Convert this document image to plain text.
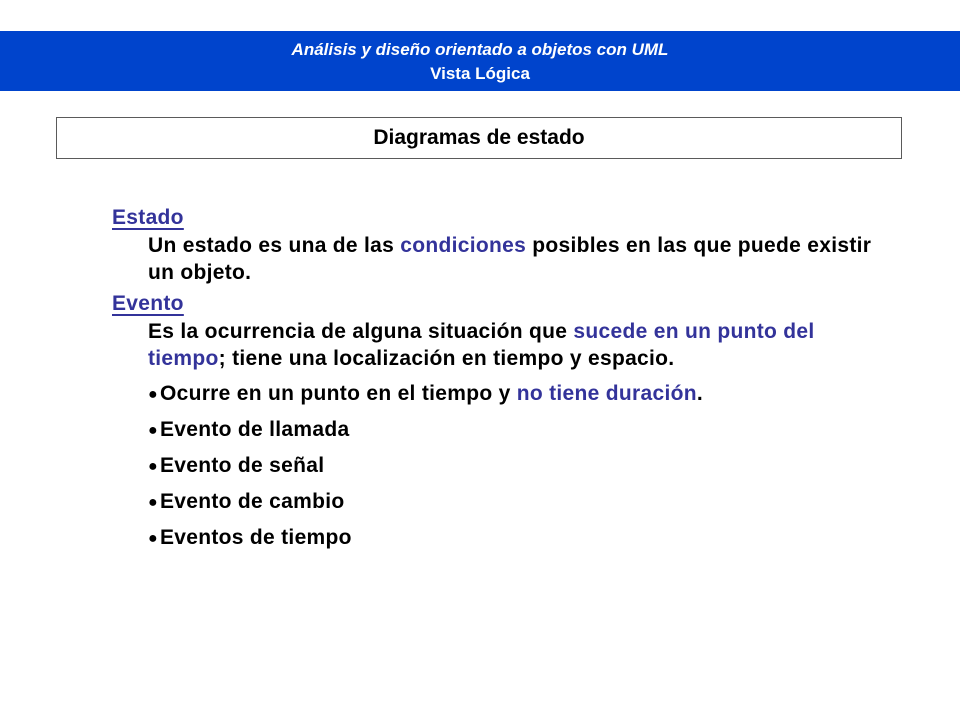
Análisis y diseño orientado a objetos con UML
Vista Lógica
Diagramas de estado
Estado
Un estado es una de las condiciones posibles en las que puede existir un objeto.
Evento
Es la ocurrencia de alguna situación que sucede en un punto del tiempo; tiene una localización en tiempo y espacio.
●Ocurre en un punto en el tiempo y no tiene duración.
●Evento de llamada
●Evento de señal
●Evento de cambio
●Eventos de tiempo
